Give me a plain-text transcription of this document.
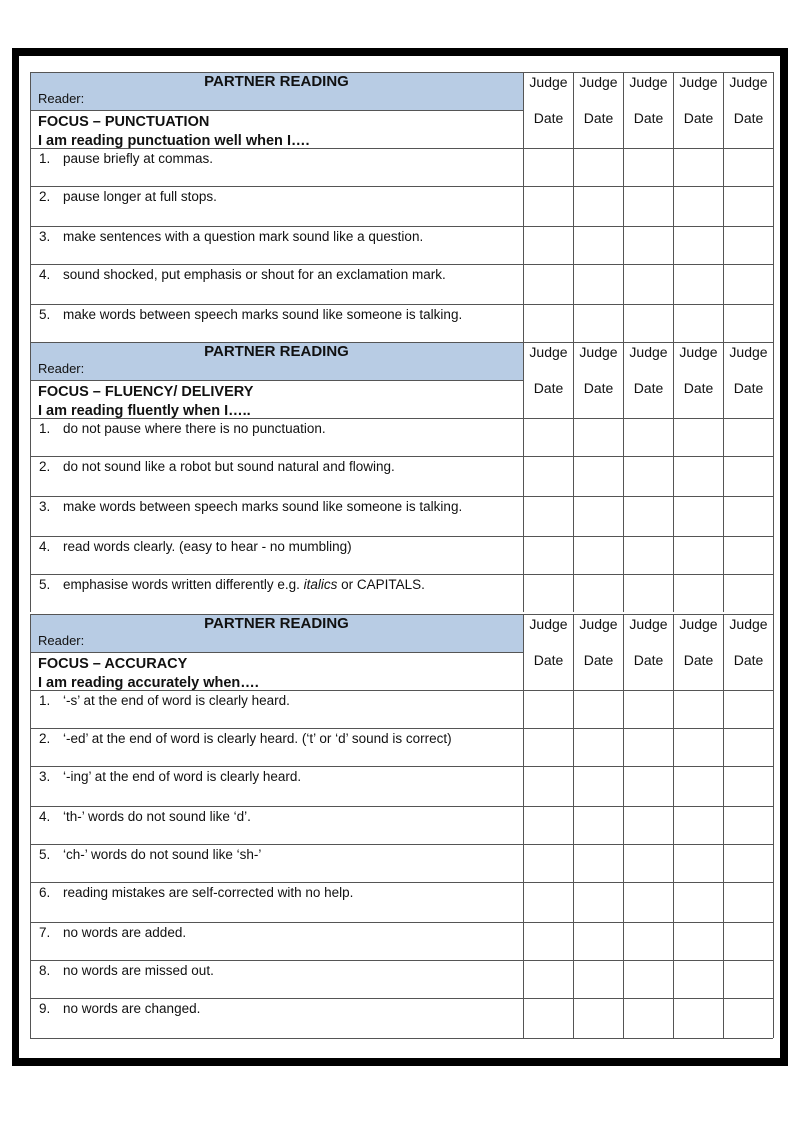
PARTNER READING
Reader:
FOCUS – PUNCTUATION
I am reading punctuation well when I….
Judge
Date
Judge
Date
Judge
Date
Judge
Date
Judge
Date
1. pause briefly at commas.
2. pause longer at full stops.
3. make sentences with a question mark sound like a question.
4. sound shocked, put emphasis or shout for an exclamation mark.
5. make words between speech marks sound like someone is talking.
PARTNER READING
Reader:
FOCUS – FLUENCY/ DELIVERY
I am reading fluently when I…..
Judge
Date
Judge
Date
Judge
Date
Judge
Date
Judge
Date
1. do not pause where there is no punctuation.
2. do not sound like a robot but sound natural and flowing.
3. make words between speech marks sound like someone is talking.
4. read words clearly. (easy to hear - no mumbling)
5. emphasise words written differently e.g. italics or CAPITALS.
PARTNER READING
Reader:
FOCUS – ACCURACY
I am reading accurately when….
Judge
Date
Judge
Date
Judge
Date
Judge
Date
Judge
Date
1. ‘-s’ at the end of word is clearly heard.
2. ‘-ed’ at the end of word is clearly heard. (‘t’ or ‘d’ sound is correct)
3. ‘-ing’ at the end of word is clearly heard.
4. ‘th-’ words do not sound like ‘d’.
5. ‘ch-’ words do not sound like ‘sh-’
6. reading mistakes are self-corrected with no help.
7. no words are added.
8. no words are missed out.
9. no words are changed.
